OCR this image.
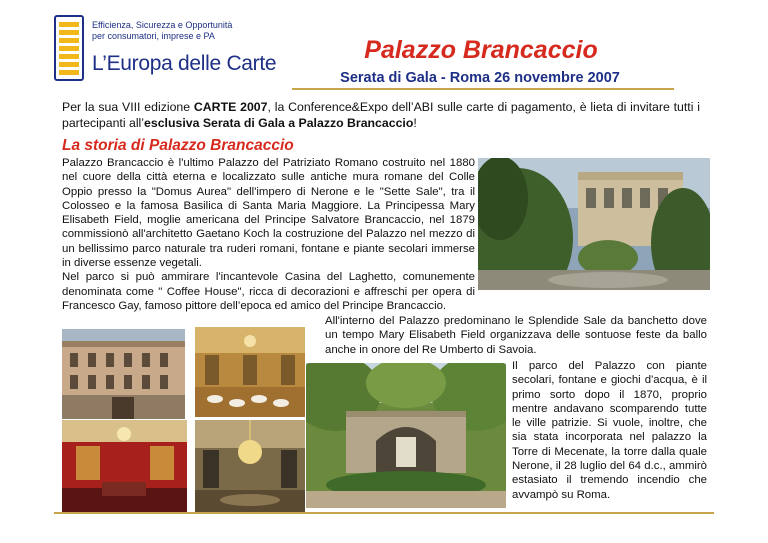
Efficienza, Sicurezza e Opportunità
per consumatori, imprese e PA
L’Europa delle Carte	Palazzo Brancaccio
Serata di Gala - Roma 26 novembre 2007
Per la sua VIII edizione CARTE 2007, la Conference&Expo dell’ABI sulle carte di pagamento, è lieta di invitare tutti i partecipanti all’esclusiva Serata di Gala a Palazzo Brancaccio!
La storia di Palazzo Brancaccio
Palazzo Brancaccio è l'ultimo Palazzo del Patriziato Romano costruito nel 1880 nel cuore della città eterna e localizzato sulle antiche mura romane del Colle Oppio presso la "Domus Aurea" dell'impero di Nerone e le "Sette Sale", tra il Colosseo e la famosa Basilica di Santa Maria Maggiore. La Principessa Mary Elisabeth Field, moglie americana del Principe Salvatore Brancaccio, nel 1879 commissionò all'architetto Gaetano Koch la costruzione del Palazzo nel mezzo di un bellissimo parco naturale tra ruderi romani, fontane e piante secolari immerse in diverse essenze vegetali.
Nel parco si può ammirare l'incantevole Casina del Laghetto, comunemente denominata come " Coffee House", ricca di decorazioni e affreschi per opera di Francesco Gay, famoso pittore dell’epoca ed amico del Principe Brancaccio.
All'interno del Palazzo predominano le Splendide Sale da banchetto dove un tempo Mary Elisabeth Field organizzava delle sontuose feste da ballo anche in onore del Re Umberto di Savoia.
Il parco del Palazzo con piante secolari, fontane e giochi d'acqua, è il primo sorto dopo il 1870, proprio mentre andavano scomparendo tutte le ville patrizie. Si vuole, inoltre, che sia stata incorporata nel palazzo la Torre di Mecenate, la torre dalla quale Nerone, il 28 luglio del 64 d.c., ammirò estasiato il tremendo incendio che avvampò su Roma.
